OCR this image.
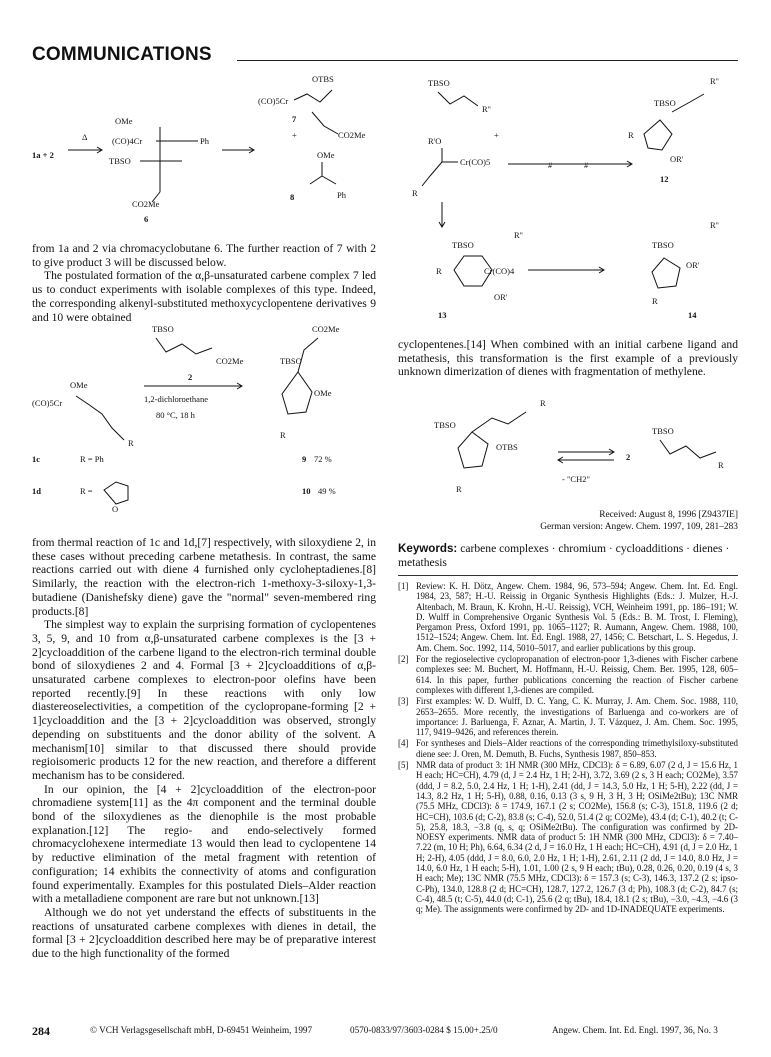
COMMUNICATIONS
1a + 2
Δ
OMe
(CO)4Cr	Ph
TBSO
CO2Me
6
OTBS
(CO)5Cr
7
+	CO2Me
OMe
Ph
8
TBSO
R''
+
R'O
Cr(CO)5
R
#	#
TBSO
R''
R
OR'
12
TBSO
R''
R	Cr(CO)4
OR'
13
TBSO
R''
OR'
R
14

from 1a and 2 via chromacyclobutane 6. The further reaction of 7 with 2 to give product 3 will be discussed below.

The postulated formation of the α,β-unsaturated carbene complex 7 led us to conduct experiments with isolable complexes of this type. Indeed, the corresponding alkenyl-substituted methoxycyclopentene derivatives 9 and 10 were obtained

TBSO
CO2Me
2
1,2-dichloroethane
80 °C, 18 h
OMe
(CO)5Cr
R
CO2Me
TBSO
OMe
R
1c	R = Ph	9 72 %
1d	R =
O
10 49 %

from thermal reaction of 1c and 1d,[7] respectively, with siloxydiene 2, in these cases without preceding carbene metathesis. In contrast, the same reactions carried out with diene 4 furnished only cycloheptadienes.[8] Similarly, the reaction with the electron-rich 1-methoxy-3-siloxy-1,3-butadiene (Danishefsky diene) gave the "normal" seven-membered ring products.[8]

The simplest way to explain the surprising formation of cyclopentenes 3, 5, 9, and 10 from α,β-unsaturated carbene complexes is the [3 + 2]cycloaddition of the carbene ligand to the electron-rich terminal double bond of siloxydienes 2 and 4. Formal [3 + 2]cycloadditions of α,β-unsaturated carbene complexes to electron-poor olefins have been reported recently.[9] In these reactions with only low diastereoselectivities, a competition of the cyclopropane-forming [2 + 1]cycloaddition and the [3 + 2]cycloaddition was observed, strongly depending on substituents and the donor ability of the solvent. A mechanism[10] similar to that discussed there should provide regioisomeric products 12 for the new reaction, and therefore a different mechanism has to be considered.

In our opinion, the [4 + 2]cycloaddition of the electron-poor chromadiene system[11] as the 4π component and the terminal double bond of the siloxydienes as the dienophile is the most probable explanation.[12] The regio- and endo-selectively formed chromacyclohexene intermediate 13 would then lead to cyclopentene 14 by reductive elimination of the metal fragment with retention of configuration; 14 exhibits the connectivity of atoms and configuration found experimentally. Examples for this postulated Diels–Alder reaction with a metalladiene component are rare but not unknown.[13]

Although we do not yet understand the effects of substituents in the reactions of unsaturated carbene complexes with dienes in detail, the formal [3 + 2]cycloaddition described here may be of preparative interest due to the high functionality of the formed

cyclopentenes.[14] When combined with an initial carbene ligand and metathesis, this transformation is the first example of a previously unknown dimerization of dienes with fragmentation of methylene.

TBSO
R
OTBS
R
- "CH2"
2
TBSO
R
Received: August 8, 1996 [Z9437IE]
German version: Angew. Chem. 1997, 109, 281–283
Keywords: carbene complexes · chromium · cycloadditions · dienes · metathesis
[1] Review: K. H. Dötz, Angew. Chem. 1984, 96, 573–594; Angew. Chem. Int. Ed. Engl. 1984, 23, 587; H.-U. Reissig in Organic Synthesis Highlights (Eds.: J. Mulzer, H.-J. Altenbach, M. Braun, K. Krohn, H.-U. Reissig), VCH, Weinheim 1991, pp. 186–191; W. D. Wulff in Comprehensive Organic Synthesis Vol. 5 (Eds.: B. M. Trost, I. Fleming), Pergamon Press, Oxford 1991, pp. 1065–1127; R. Aumann, Angew. Chem. 1988, 100, 1512–1524; Angew. Chem. Int. Ed. Engl. 1988, 27, 1456; C. Betschart, L. S. Hegedus, J. Am. Chem. Soc. 1992, 114, 5010–5017, and earlier publications by this group.
[2] For the regioselective cyclopropanation of electron-poor 1,3-dienes with Fischer carbene complexes see: M. Buchert, M. Hoffmann, H.-U. Reissig, Chem. Ber. 1995, 128, 605–614. In this paper, further publications concerning the reaction of Fischer carbene complexes with different 1,3-dienes are compiled.
[3] First examples: W. D. Wulff, D. C. Yang, C. K. Murray, J. Am. Chem. Soc. 1988, 110, 2653–2655. More recently, the investigations of Barluenga and co-workers are of importance: J. Barluenga, F. Aznar, A. Martin, J. T. Vázquez, J. Am. Chem. Soc. 1995, 117, 9419–9426, and references therein.
[4] For syntheses and Diels–Alder reactions of the corresponding trimethylsiloxy-substituted diene see: J. Oren, M. Demuth, B. Fuchs, Synthesis 1987, 850–853.
[5] NMR data of product 3: 1H NMR (300 MHz, CDCl3): δ = 6.89, 6.07 (2 d, J = 15.6 Hz, 1 H each; HC=CH), 4.79 (d, J = 2.4 Hz, 1 H; 2-H), 3.72, 3.69 (2 s, 3 H each; CO2Me), 3.57 (ddd, J = 8.2, 5.0, 2.4 Hz, 1 H; 1-H), 2.41 (dd, J = 14.3, 5.0 Hz, 1 H; 5-H), 2.22 (dd, J = 14.3, 8.2 Hz, 1 H; 5-H), 0.88, 0.16, 0.13 (3 s, 9 H, 3 H, 3 H; OSiMe2tBu); 13C NMR (75.5 MHz, CDCl3): δ = 174.9, 167.1 (2 s; CO2Me), 156.8 (s; C-3), 151.8, 119.6 (2 d; HC=CH), 103.6 (d; C-2), 83.8 (s; C-4), 52.0, 51.4 (2 q; CO2Me), 43.4 (d; C-1), 40.2 (t; C-5), 25.8, 18.3, −3.8 (q, s, q; OSiMe2tBu). The configuration was confirmed by 2D-NOESY experiments. NMR data of product 5: 1H NMR (300 MHz, CDCl3): δ = 7.40–7.22 (m, 10 H; Ph), 6.64, 6.34 (2 d, J = 16.0 Hz, 1 H each; HC=CH), 4.91 (d, J = 2.0 Hz, 1 H; 2-H), 4.05 (ddd, J = 8.0, 6.0, 2.0 Hz, 1 H; 1-H), 2.61, 2.11 (2 dd, J = 14.0, 8.0 Hz, J = 14.0, 6.0 Hz, 1 H each; 5-H), 1.01, 1.00 (2 s, 9 H each; tBu), 0.28, 0.26, 0.20, 0.19 (4 s, 3 H each; Me); 13C NMR (75.5 MHz, CDCl3): δ = 157.3 (s; C-3), 146.3, 137.2 (2 s; ipso-C-Ph), 134.0, 128.8 (2 d; HC=CH), 128.7, 127.2, 126.7 (3 d; Ph), 108.3 (d; C-2), 84.7 (s; C-4), 48.5 (t; C-5), 44.0 (d; C-1), 25.6 (2 q; tBu), 18.4, 18.1 (2 s; tBu), −3.0, −4.3, −4.6 (3 q; Me). The assignments were confirmed by 2D- and 1D-INADEQUATE experiments.
284	© VCH Verlagsgesellschaft mbH, D-69451 Weinheim, 1997	0570-0833/97/3603-0284 $ 15.00+.25/0	Angew. Chem. Int. Ed. Engl. 1997, 36, No. 3
